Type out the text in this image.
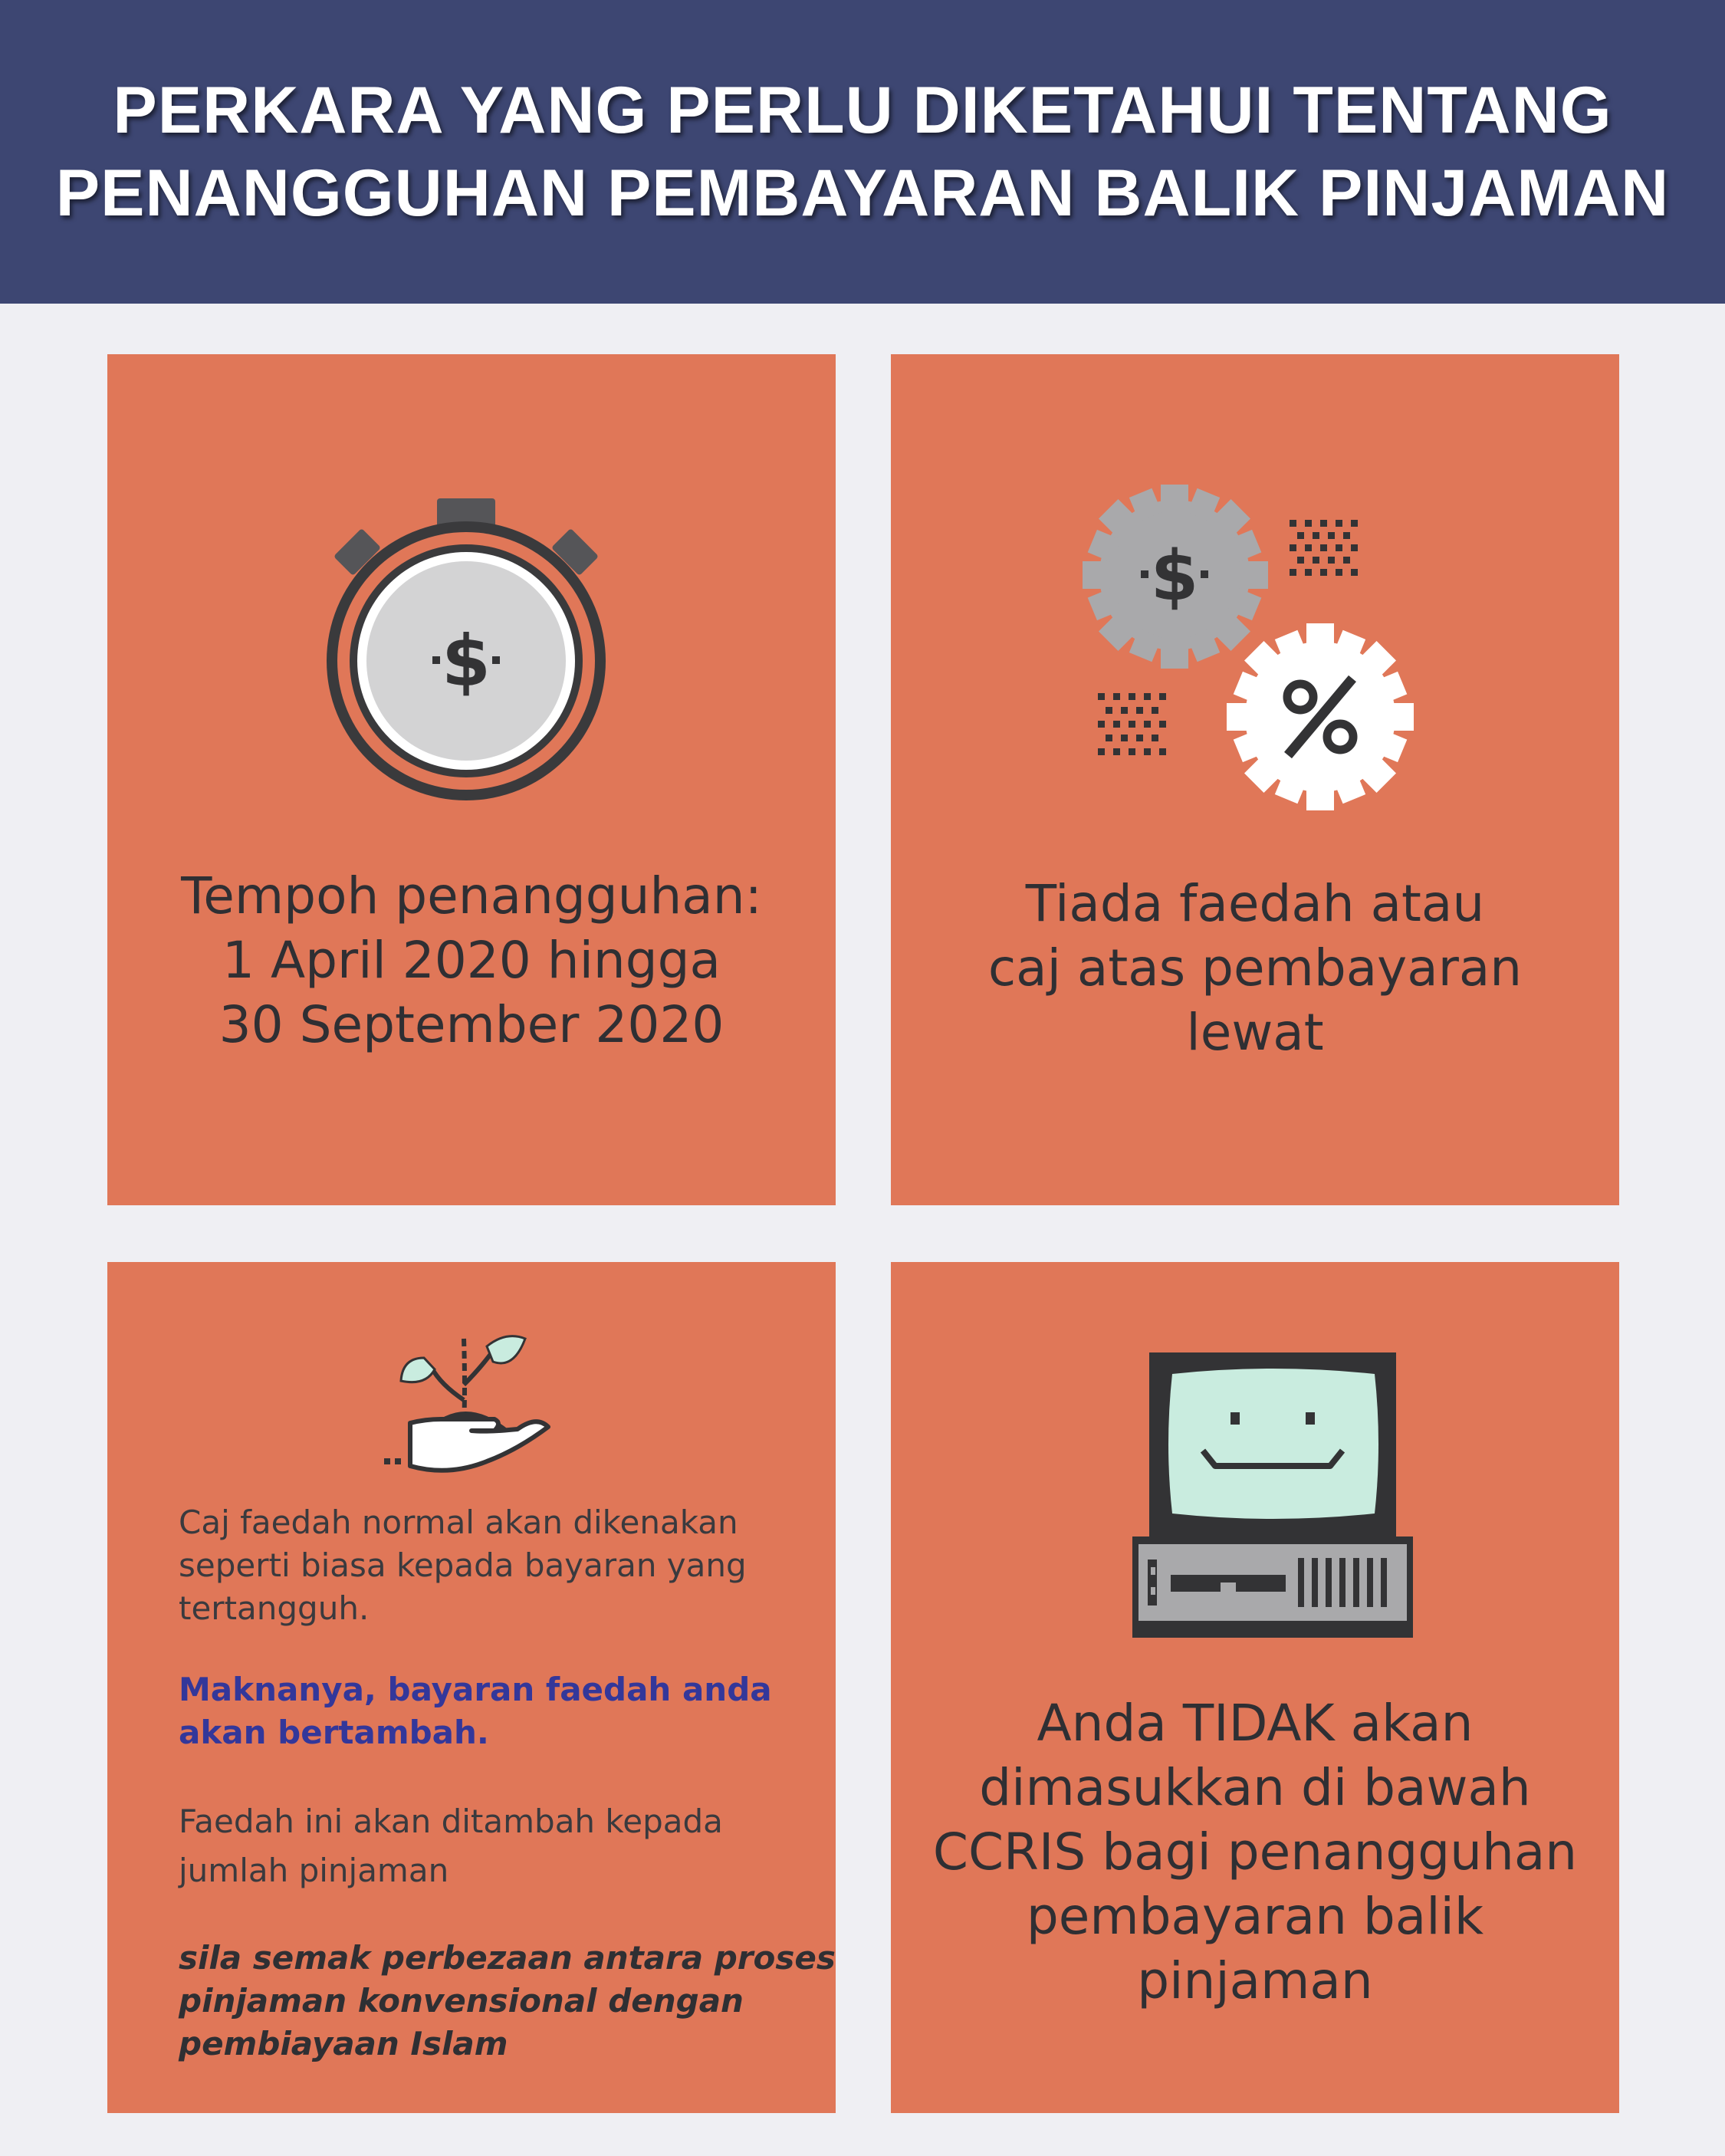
PERKARA YANG PERLU DIKETAHUI TENTANG
PENANGGUHAN PEMBAYARAN BALIK PINJAMAN
$
Tempoh penangguhan:
1 April 2020 hingga
30 September 2020
$
Tiada faedah atau
caj atas pembayaran
lewat
Caj faedah normal akan dikenakan
seperti biasa kepada bayaran yang
tertangguh.
Maknanya, bayaran faedah anda
akan bertambah.
Faedah ini akan ditambah kepada
jumlah pinjaman
sila semak perbezaan antara proses
pinjaman konvensional dengan
pembiayaan Islam
Anda TIDAK akan
dimasukkan di bawah
CCRIS bagi penangguhan
pembayaran balik
pinjaman
